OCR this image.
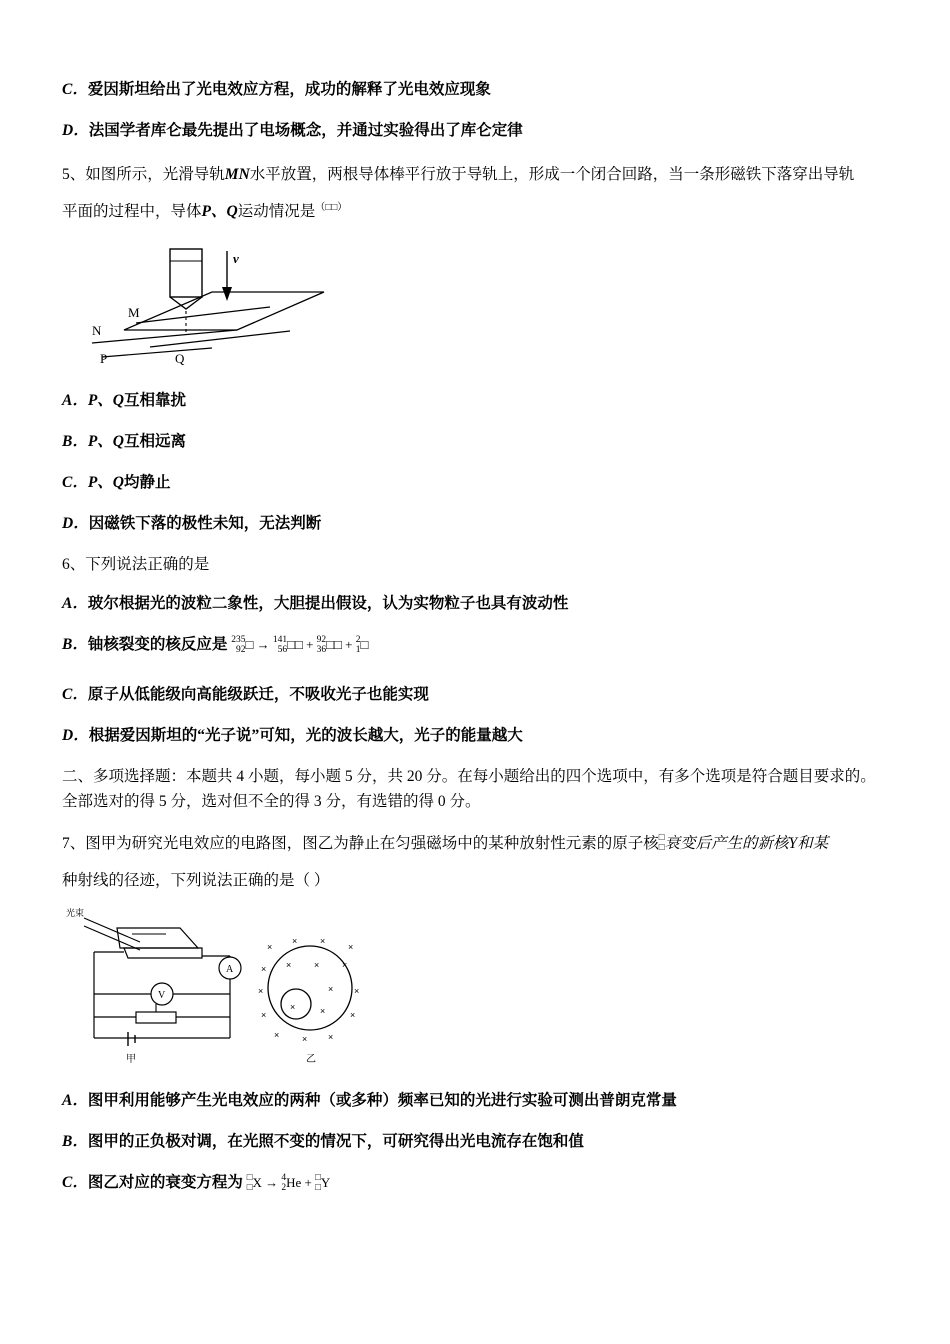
C．爱因斯坦给出了光电效应方程，成功的解释了光电效应现象
D．法国学者库仑最先提出了电场概念，并通过实验得出了库仑定律
5、如图所示，光滑导轨MN水平放置，两根导体棒平行放于导轨上，形成一个闭合回路，当一条形磁铁下落穿出导轨
平面的过程中，导体P、Q运动情况是（□□）
v
M
N
P	Q
A．P、Q互相靠扰
B．P、Q互相远离
C．P、Q均静止
D．因磁铁下落的极性未知，无法判断
6、下列说法正确的是
A．玻尔根据光的波粒二象性，大胆提出假设，认为实物粒子也具有波动性
B．铀核裂变的核反应是 235
92 □ → 141
56 □□ + 92
36 □□ + 2
1 □
C．原子从低能级向高能级跃迁，不吸收光子也能实现
D．根据爱因斯坦的“光子说”可知，光的波长越大，光子的能量越大
二、多项选择题：本题共 4 小题，每小题 5 分，共 20 分。在每小题给出的四个选项中，有多个选项是符合题目要求的。全部选对的得 5 分，选对但不全的得 3 分，有选错的得 0 分。
7、图甲为研究光电效应的电路图，图乙为静止在匀强磁场中的某种放射性元素的原子核 □
□ 衰变后产生的新核Y和某
种射线的径迹，下列说法正确的是（ ）
光束
A
V
甲
×
×	×
×
× ×	×	×
×	× ×
×
×	×	×
×	× ×
乙
A．图甲利用能够产生光电效应的两种（或多种）频率已知的光进行实验可测出普朗克常量
B．图甲的正负极对调，在光照不变的情况下，可研究得出光电流存在饱和值
C．图乙对应的衰变方程为 □
□ X → 4
2 He + □
□ Y
